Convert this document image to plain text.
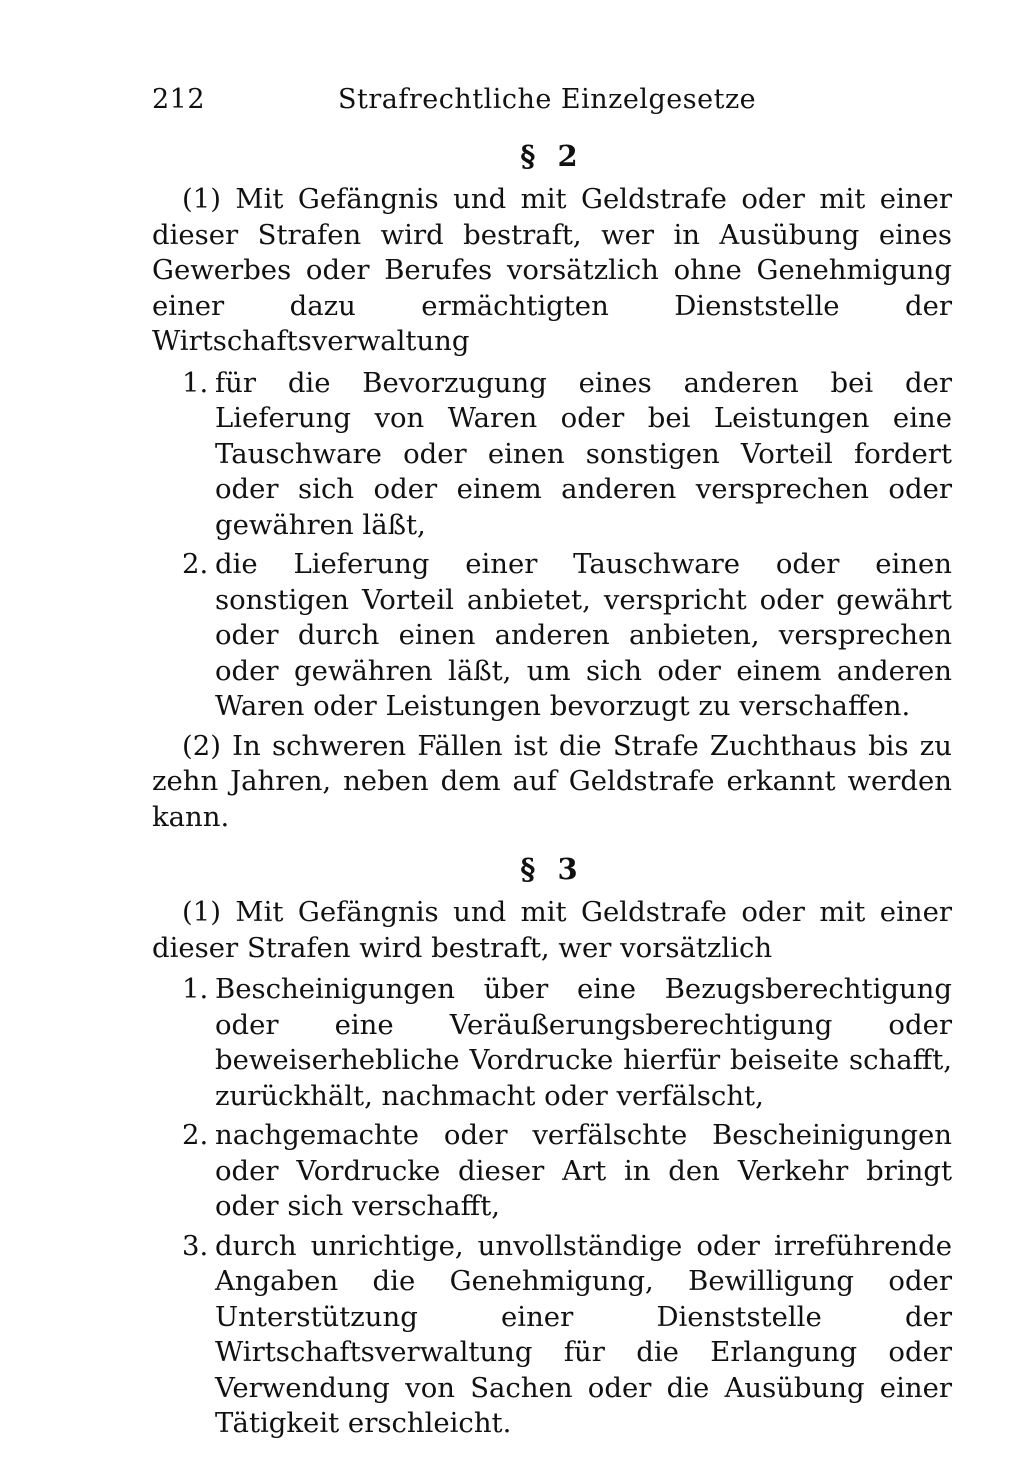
212	Strafrechtliche Einzelgesetze
§ 2

(1) Mit Gefängnis und mit Geldstrafe oder mit einer dieser Strafen wird bestraft, wer in Ausübung eines Gewerbes oder Berufes vorsätzlich ohne Genehmigung einer dazu ermächtigten Dienststelle der Wirtschaftsverwaltung

1. für die Bevorzugung eines anderen bei der Lieferung von Waren oder bei Leistungen eine Tauschware oder einen sonstigen Vorteil fordert oder sich oder einem anderen versprechen oder gewähren läßt,
2. die Lieferung einer Tauschware oder einen sonstigen Vorteil anbietet, verspricht oder gewährt oder durch einen anderen anbieten, versprechen oder gewähren läßt, um sich oder einem anderen Waren oder Leistungen bevorzugt zu verschaffen.

(2) In schweren Fällen ist die Strafe Zuchthaus bis zu zehn Jahren, neben dem auf Geldstrafe erkannt werden kann.

§ 3

(1) Mit Gefängnis und mit Geldstrafe oder mit einer dieser Strafen wird bestraft, wer vorsätzlich

1. Bescheinigungen über eine Bezugsberechtigung oder eine Veräußerungsberechtigung oder beweiserhebliche Vordrucke hierfür beiseite schafft, zurückhält, nachmacht oder verfälscht,
2. nachgemachte oder verfälschte Bescheinigungen oder Vordrucke dieser Art in den Verkehr bringt oder sich verschafft,
3. durch unrichtige, unvollständige oder irreführende Angaben die Genehmigung, Bewilligung oder Unterstützung einer Dienststelle der Wirtschaftsverwaltung für die Erlangung oder Verwendung von Sachen oder die Ausübung einer Tätigkeit erschleicht.
